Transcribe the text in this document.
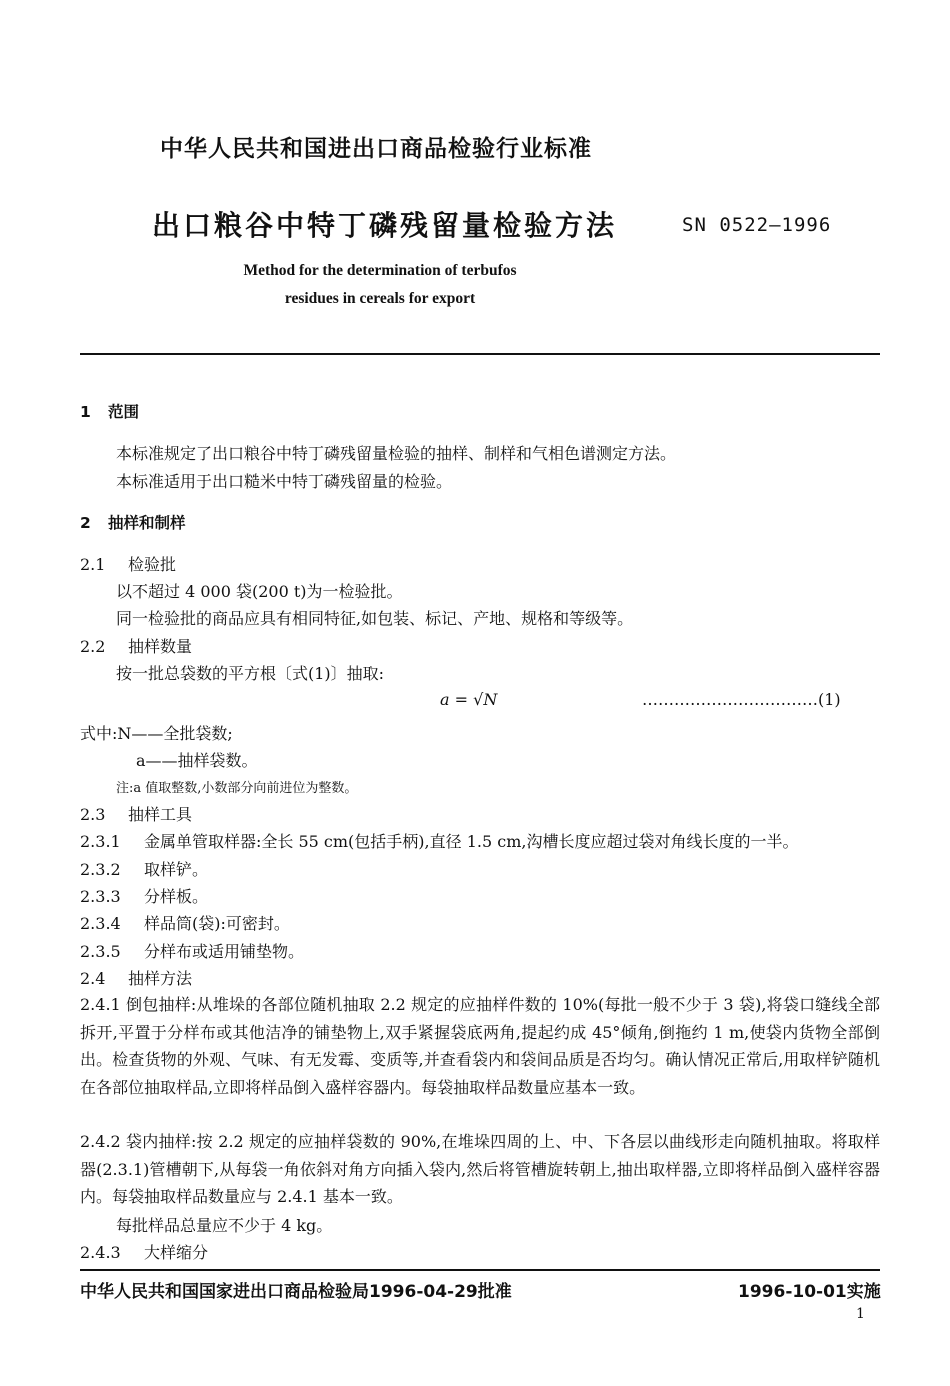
中华人民共和国进出口商品检验行业标准
出口粮谷中特丁磷残留量检验方法	SN 0522—1996
Method for the determination of terbufos
residues in cereals for export
1 范围
本标准规定了出口粮谷中特丁磷残留量检验的抽样、制样和气相色谱测定方法。
本标准适用于出口糙米中特丁磷残留量的检验。
2 抽样和制样
2.1 检验批
以不超过 4 000 袋(200 t)为一检验批。
同一检验批的商品应具有相同特征,如包装、标记、产地、规格和等级等。
2.2 抽样数量
按一批总袋数的平方根〔式(1)〕抽取:
a = √N	……………………………(1)
式中:N——全批袋数;
a——抽样袋数。
注:a 值取整数,小数部分向前进位为整数。
2.3 抽样工具
2.3.1 金属单管取样器:全长 55 cm(包括手柄),直径 1.5 cm,沟槽长度应超过袋对角线长度的一半。
2.3.2 取样铲。
2.3.3 分样板。
2.3.4 样品筒(袋):可密封。
2.3.5 分样布或适用铺垫物。
2.4 抽样方法
2.4.1 倒包抽样:从堆垛的各部位随机抽取 2.2 规定的应抽样件数的 10%(每批一般不少于 3 袋),将袋口缝线全部拆开,平置于分样布或其他洁净的铺垫物上,双手紧握袋底两角,提起约成 45°倾角,倒拖约 1 m,使袋内货物全部倒出。检查货物的外观、气味、有无发霉、变质等,并查看袋内和袋间品质是否均匀。确认情况正常后,用取样铲随机在各部位抽取样品,立即将样品倒入盛样容器内。每袋抽取样品数量应基本一致。
2.4.2 袋内抽样:按 2.2 规定的应抽样袋数的 90%,在堆垛四周的上、中、下各层以曲线形走向随机抽取。将取样器(2.3.1)管槽朝下,从每袋一角依斜对角方向插入袋内,然后将管槽旋转朝上,抽出取样器,立即将样品倒入盛样容器内。每袋抽取样品数量应与 2.4.1 基本一致。
每批样品总量应不少于 4 kg。
2.4.3 大样缩分
中华人民共和国国家进出口商品检验局1996-04-29批准	1996-10-01实施
1
